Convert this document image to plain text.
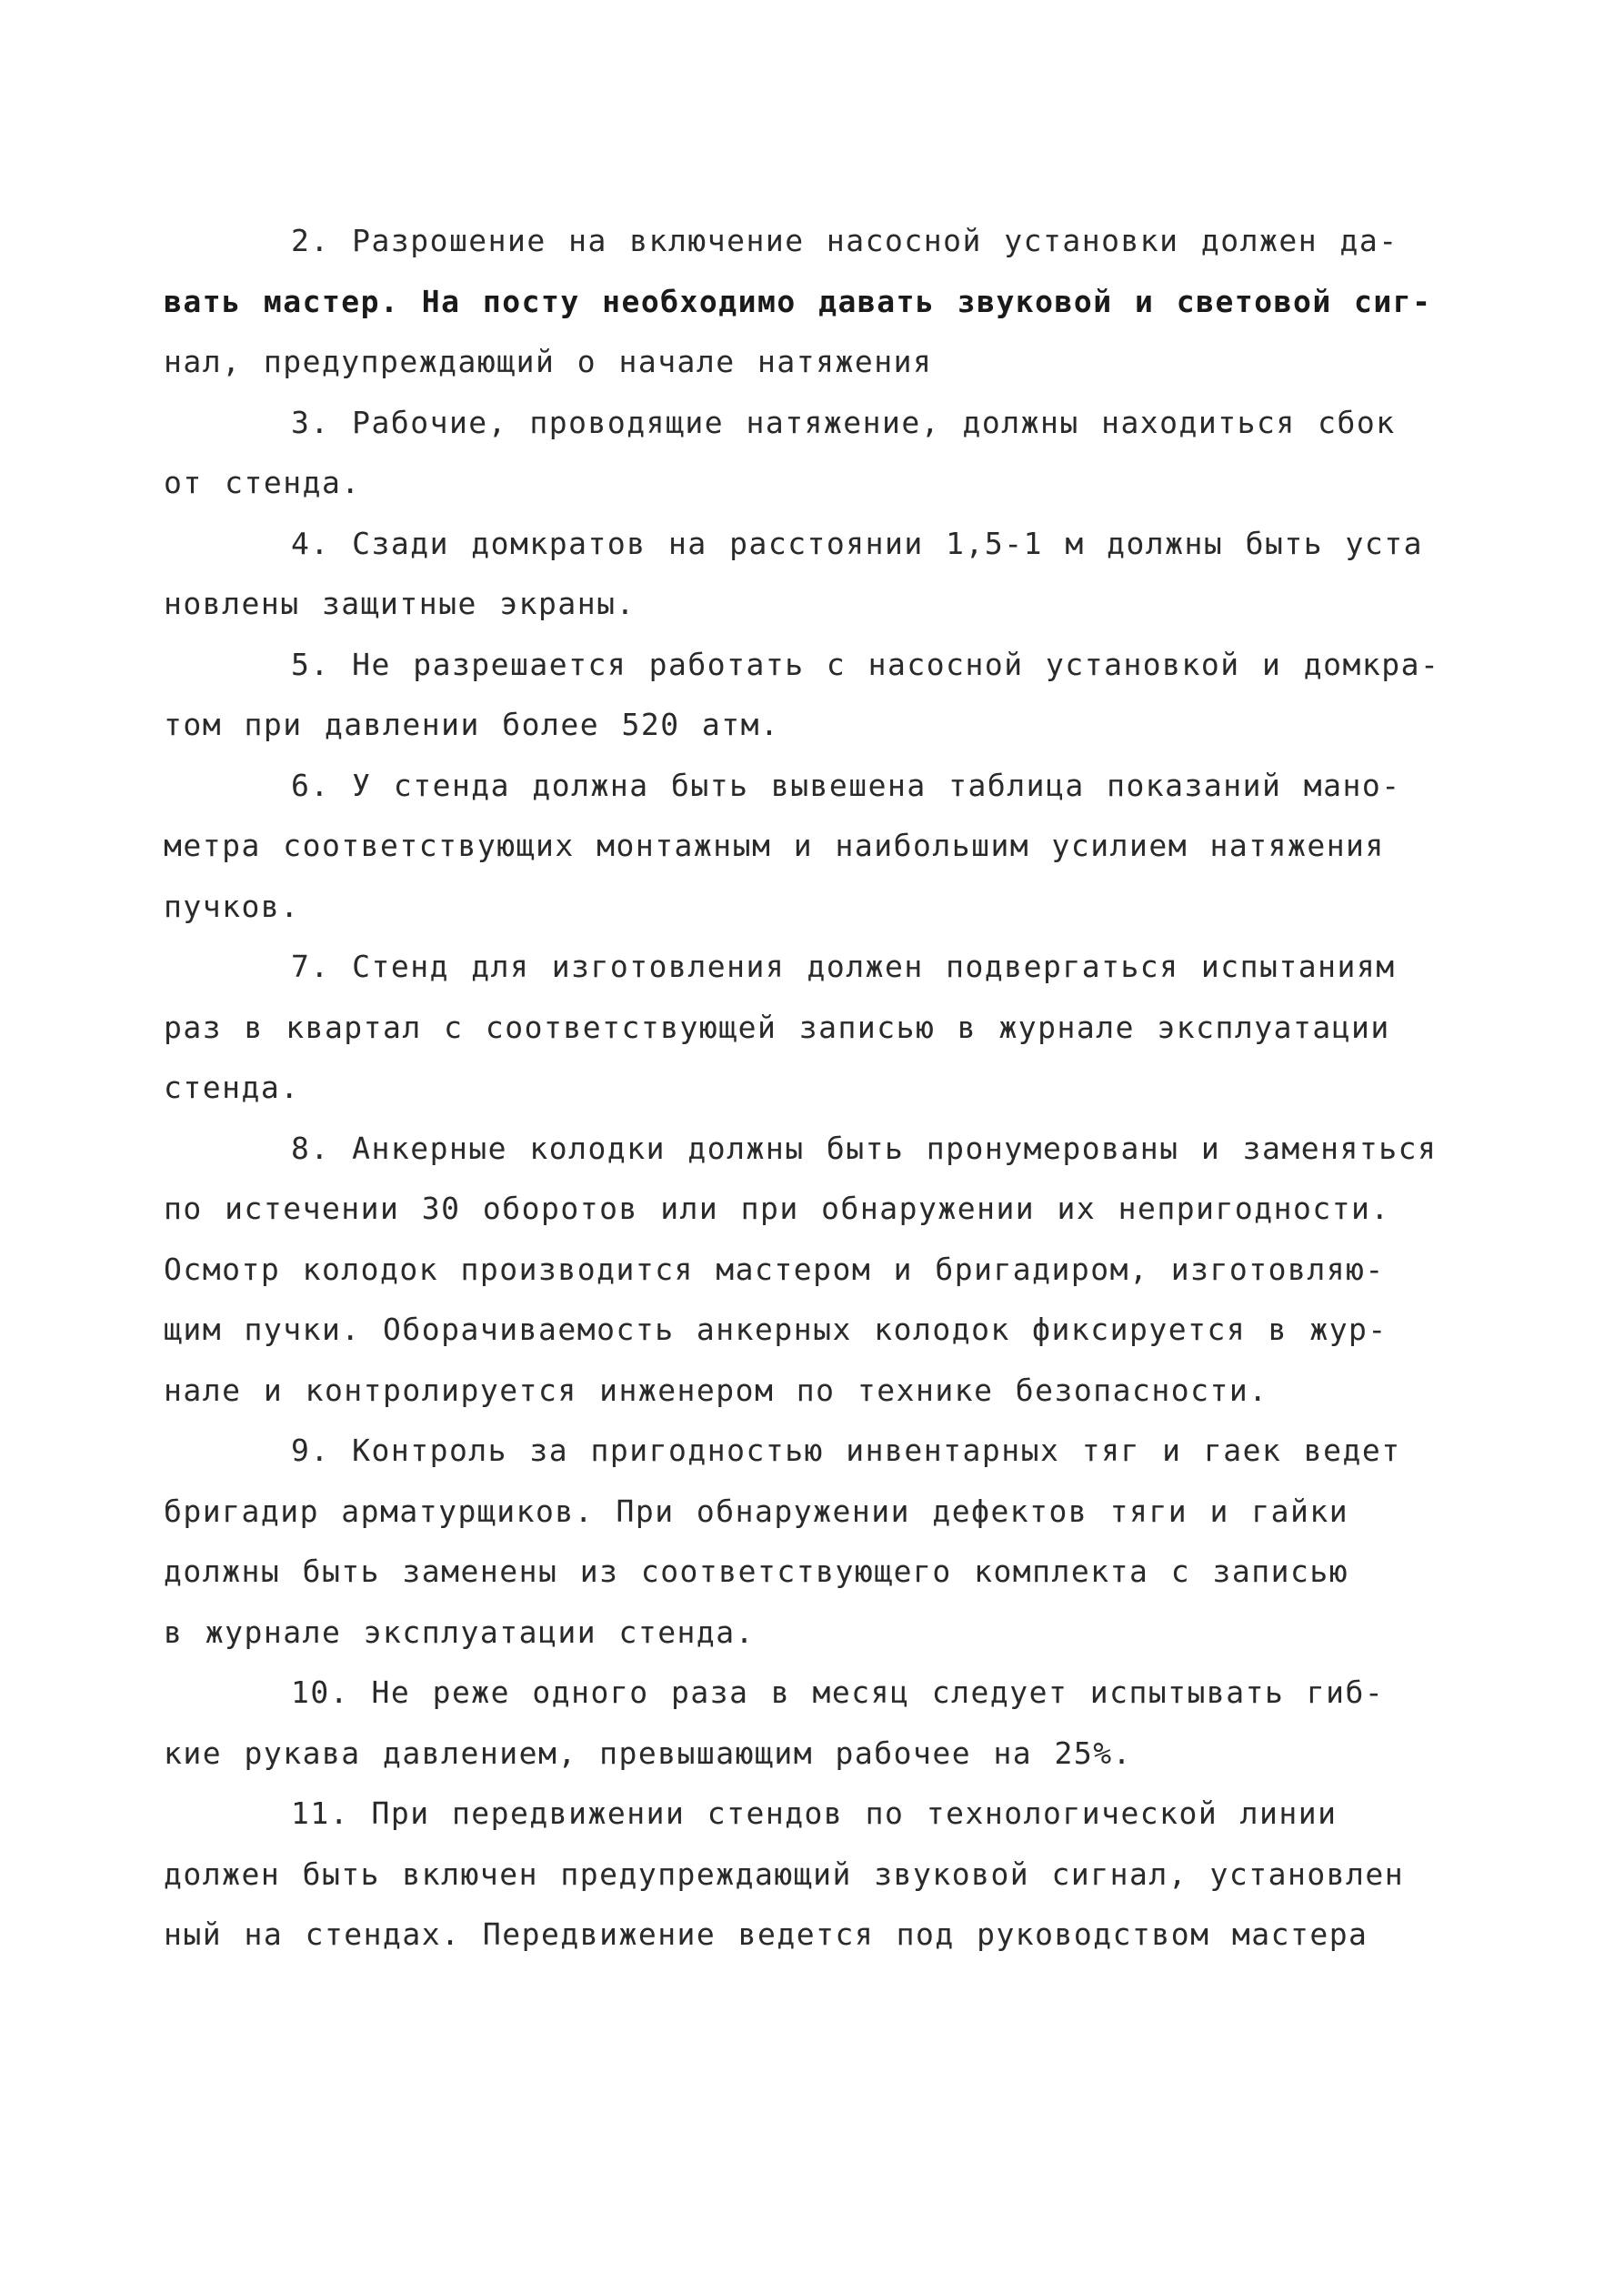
2. Разрошение на включение насосной установки должен да-
вать мастер. На посту необходимо давать звуковой и световой сиг-
нал, предупреждающий о начале натяжения
3. Рабочие, проводящие натяжение, должны находиться сбок
от стенда.
4. Сзади домкратов на расстоянии 1,5-1 м должны быть уста
новлены защитные экраны.
5. Не разрешается работать с насосной установкой и домкра-
том при давлении более 520 атм.
6. У стенда должна быть вывешена таблица показаний мано-
метра соответствующих монтажным и наибольшим усилием натяжения
пучков.
7. Стенд для изготовления должен подвергаться испытаниям
раз в квартал с соответствующей записью в журнале эксплуатации
стенда.
8. Анкерные колодки должны быть пронумерованы и заменяться
по истечении 30 оборотов или при обнаружении их непригодности.
Осмотр колодок производится мастером и бригадиром, изготовляю-
щим пучки. Оборачиваемость анкерных колодок фиксируется в жур-
нале и контролируется инженером по технике безопасности.
9. Контроль за пригодностью инвентарных тяг и гаек ведет
бригадир арматурщиков. При обнаружении дефектов тяги и гайки
должны быть заменены из соответствующего комплекта с записью
в журнале эксплуатации стенда.
10. Не реже одного раза в месяц следует испытывать гиб-
кие рукава давлением, превышающим рабочее на 25%.
11. При передвижении стендов по технологической линии
должен быть включен предупреждающий звуковой сигнал, установлен
ный на стендах. Передвижение ведется под руководством мастера
